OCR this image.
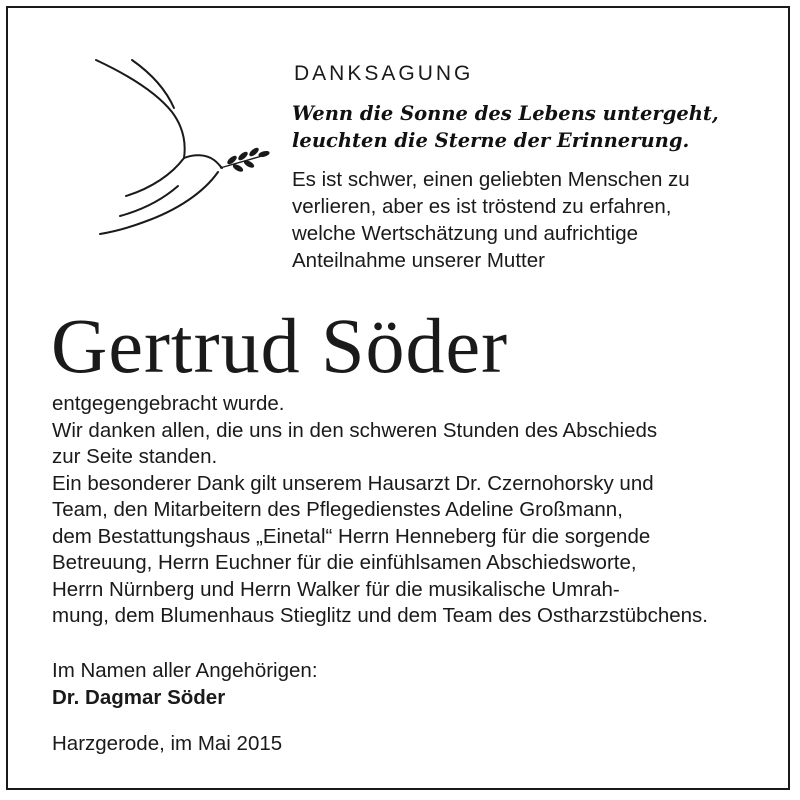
DANKSAGUNG
Wenn die Sonne des Lebens untergeht,
leuchten die Sterne der Erinnerung.
Es ist schwer, einen geliebten Menschen zu
verlieren, aber es ist tröstend zu erfahren,
welche Wertschätzung und aufrichtige
Anteilnahme unserer Mutter
Gertrud Söder
entgegengebracht wurde.
Wir danken allen, die uns in den schweren Stunden des Abschieds
zur Seite standen.
Ein besonderer Dank gilt unserem Hausarzt Dr. Czernohorsky und
Team, den Mitarbeitern des Pflegedienstes Adeline Großmann,
dem Bestattungshaus „Einetal“ Herrn Henneberg für die sorgende
Betreuung, Herrn Euchner für die einfühlsamen Abschiedsworte,
Herrn Nürnberg und Herrn Walker für die musikalische Umrah-
mung, dem Blumenhaus Stieglitz und dem Team des Ostharzstübchens.
Im Namen aller Angehörigen:
Dr. Dagmar Söder
Harzgerode, im Mai 2015
